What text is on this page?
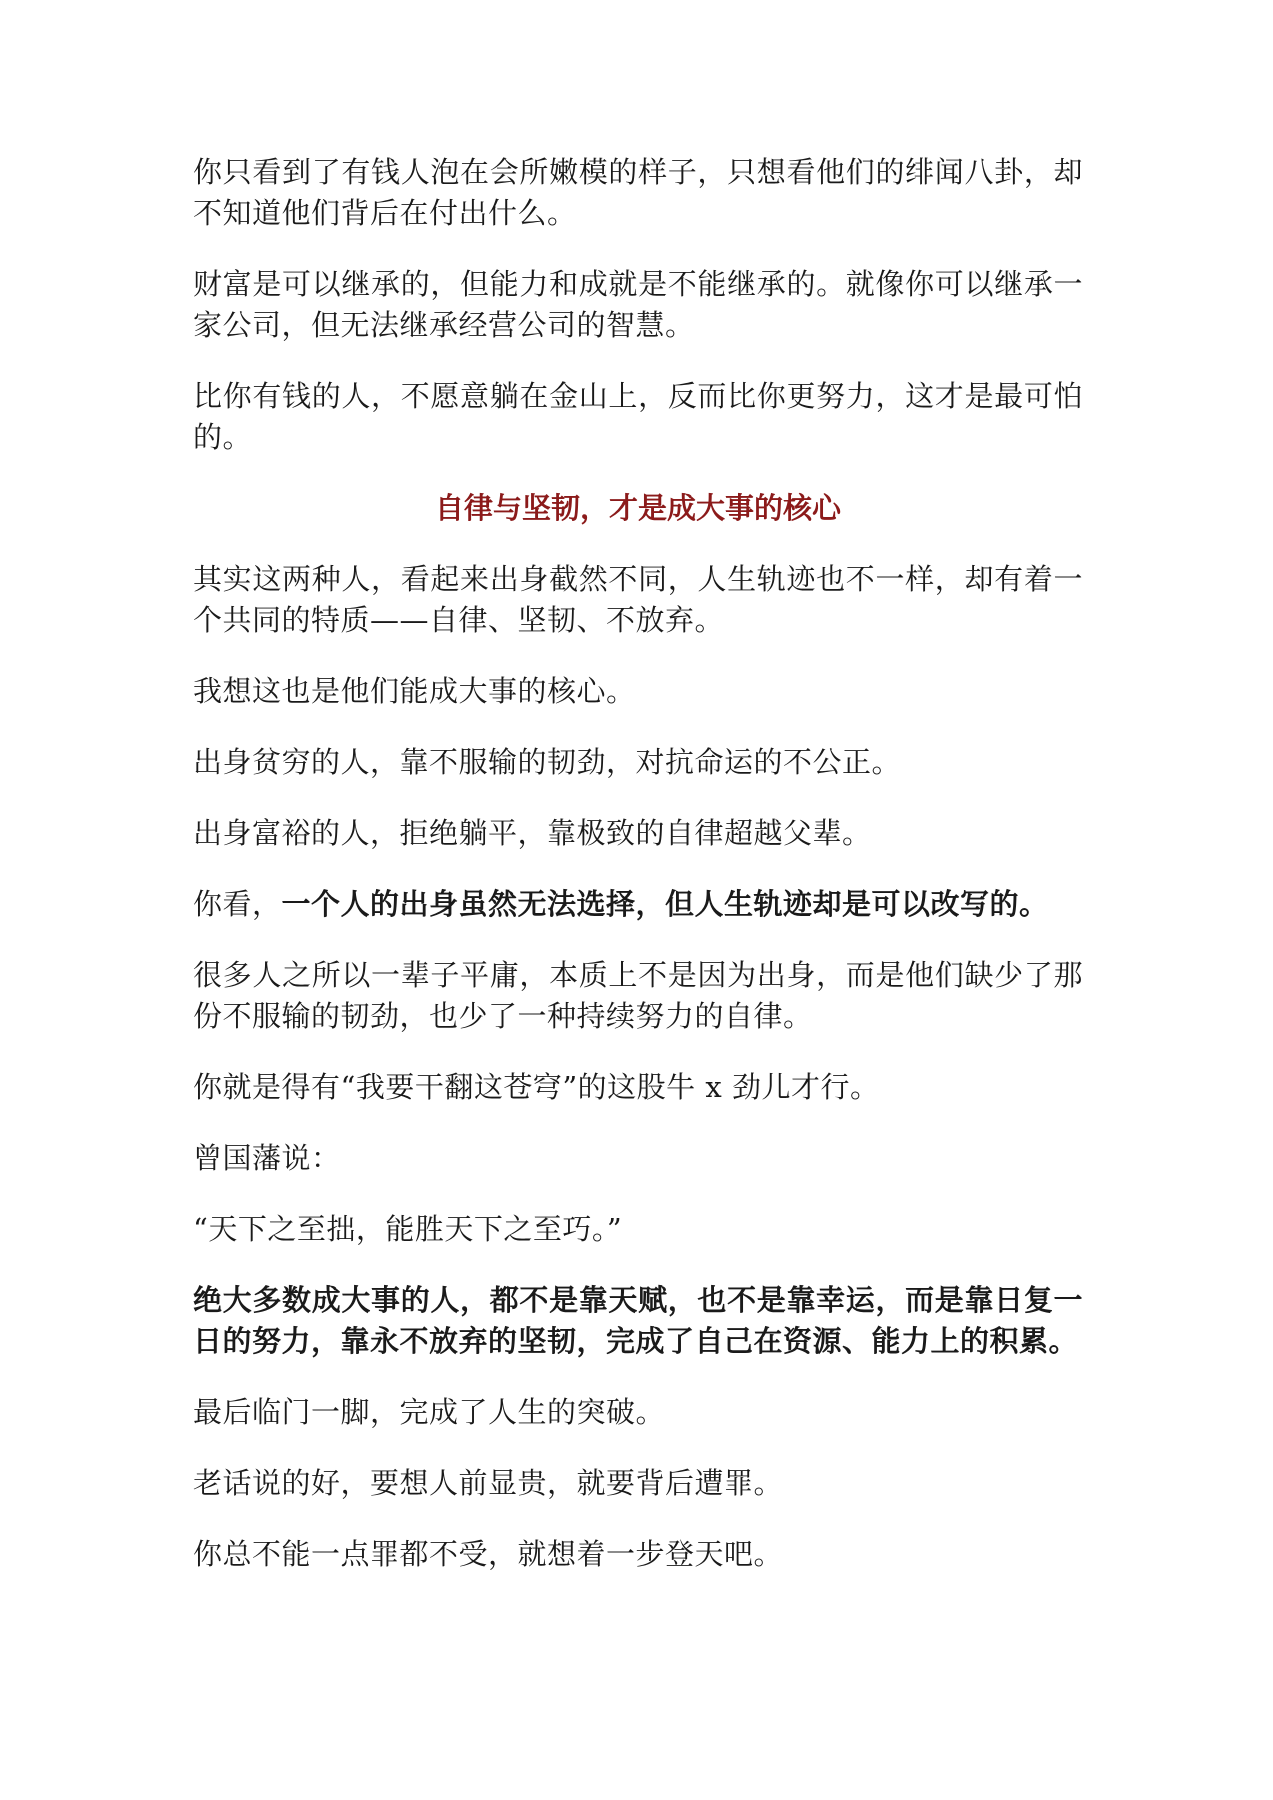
你只看到了有钱人泡在会所嫩模的样子，只想看他们的绯闻八卦，却不知道他们背后在付出什么。

财富是可以继承的，但能力和成就是不能继承的。就像你可以继承一家公司，但无法继承经营公司的智慧。

比你有钱的人，不愿意躺在金山上，反而比你更努力，这才是最可怕的。

自律与坚韧，才是成大事的核心

其实这两种人，看起来出身截然不同，人生轨迹也不一样，却有着一个共同的特质——自律、坚韧、不放弃。

我想这也是他们能成大事的核心。

出身贫穷的人，靠不服输的韧劲，对抗命运的不公正。

出身富裕的人，拒绝躺平，靠极致的自律超越父辈。

你看，一个人的出身虽然无法选择，但人生轨迹却是可以改写的。

很多人之所以一辈子平庸，本质上不是因为出身，而是他们缺少了那份不服输的韧劲，也少了一种持续努力的自律。

你就是得有“我要干翻这苍穹”的这股牛 x 劲儿才行。

曾国藩说：

“天下之至拙，能胜天下之至巧。”

绝大多数成大事的人，都不是靠天赋，也不是靠幸运，而是靠日复一日的努力，靠永不放弃的坚韧，完成了自己在资源、能力上的积累。

最后临门一脚，完成了人生的突破。

老话说的好，要想人前显贵，就要背后遭罪。

你总不能一点罪都不受，就想着一步登天吧。
